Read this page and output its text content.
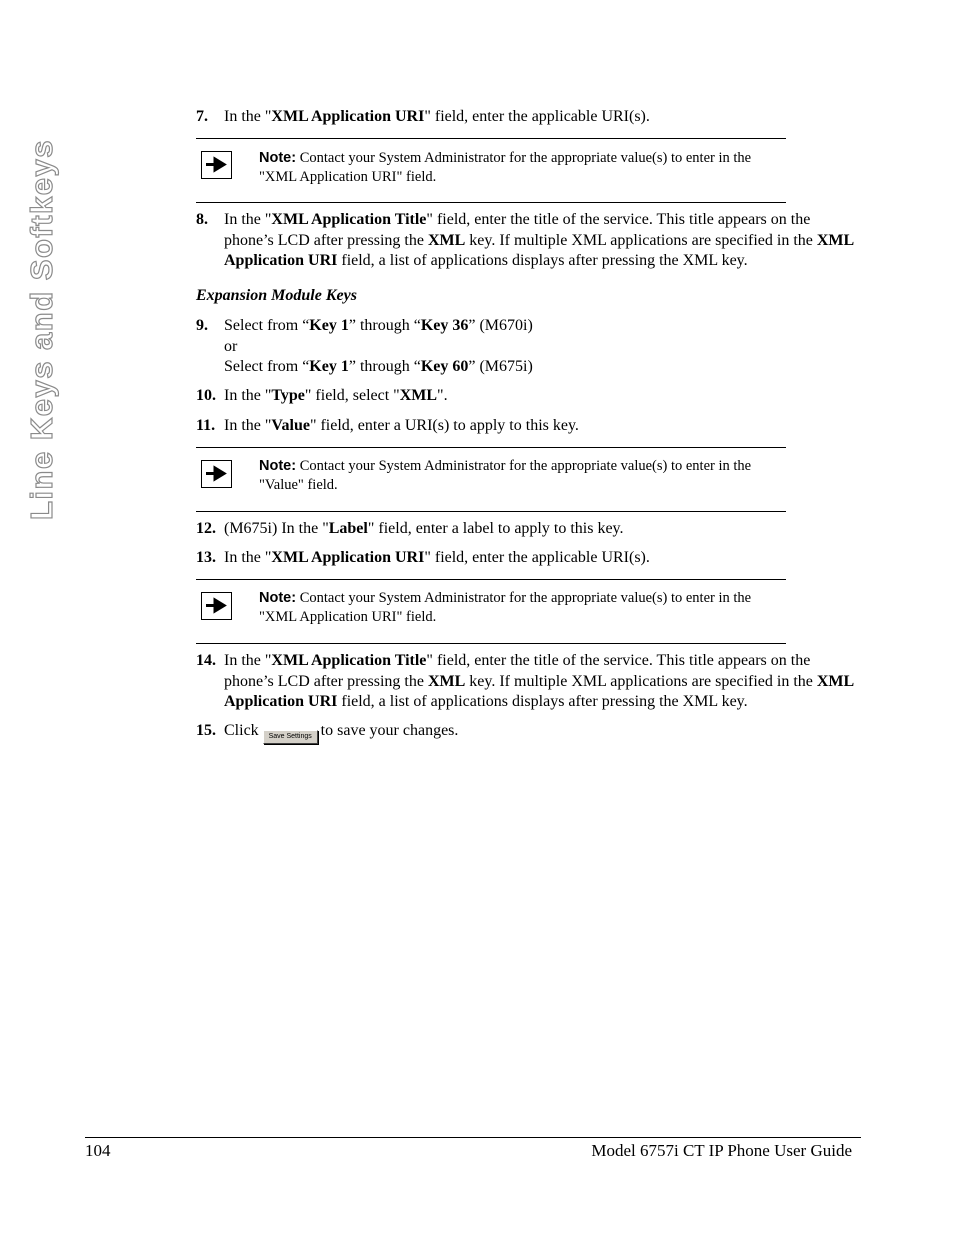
Line Keys and Softkeys
7. In the "XML Application URI" field, enter the applicable URI(s).
Note: Contact your System Administrator for the appropriate value(s) to enter in the "XML Application URI" field.
8. In the "XML Application Title" field, enter the title of the service. This title appears on the phone’s LCD after pressing the XML key. If multiple XML applications are specified in the XML Application URI field, a list of applications displays after pressing the XML key.
Expansion Module Keys
9. Select from “Key 1” through “Key 36” (M670i)
or
Select from “Key 1” through “Key 60” (M675i)
10. In the "Type" field, select "XML".
11. In the "Value" field, enter a URI(s) to apply to this key.
Note: Contact your System Administrator for the appropriate value(s) to enter in the "Value" field.
12. (M675i) In the "Label" field, enter a label to apply to this key.
13. In the "XML Application URI" field, enter the applicable URI(s).
Note: Contact your System Administrator for the appropriate value(s) to enter in the "XML Application URI" field.
14. In the "XML Application Title" field, enter the title of the service. This title appears on the phone’s LCD after pressing the XML key. If multiple XML applications are specified in the XML Application URI field, a list of applications displays after pressing the XML key.
15. Click Save Settings to save your changes.
104	Model 6757i CT IP Phone User Guide
